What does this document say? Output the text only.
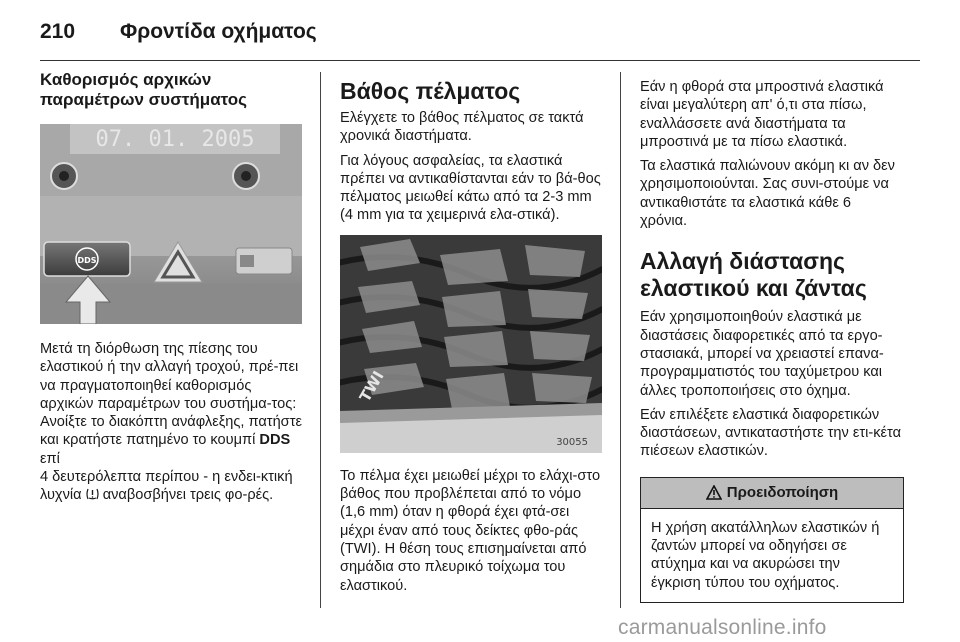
210 Φροντίδα οχήματος
Καθορισμός αρχικών παραμέτρων συστήματος
07. 01. 2005
DDS

Μετά τη διόρθωση της πίεσης του ελαστικού ή την αλλαγή τροχού, πρέ-πει να πραγματοποιηθεί καθορισμός αρχικών παραμέτρων του συστήμα-τος: Ανοίξτε το διακόπτη ανάφλεξης, πατήστε και κρατήστε πατημένο το κουμπί DDS επί
4 δευτερόλεπτα περίπου - η ενδει-κτική λυχνία αναβοσβήνει τρεις φο-ρές.

Βάθος πέλματος

Ελέγχετε το βάθος πέλματος σε τακτά χρονικά διαστήματα.

Για λόγους ασφαλείας, τα ελαστικά πρέπει να αντικαθίστανται εάν το βά-θος πέλματος μειωθεί κάτω από τα 2-3 mm (4 mm για τα χειμερινά ελα-στικά).

TWI
30055

Το πέλμα έχει μειωθεί μέχρι το ελάχι-στο βάθος που προβλέπεται από το νόμο (1,6 mm) όταν η φθορά έχει φτά-σει μέχρι έναν από τους δείκτες φθο-ράς (TWI). Η θέση τους επισημαίνεται από σημάδια στο πλευρικό τοίχωμα του ελαστικού.

Εάν η φθορά στα μπροστινά ελαστικά είναι μεγαλύτερη απ' ό,τι στα πίσω, εναλλάσσετε ανά διαστήματα τα μπροστινά με τα πίσω ελαστικά.

Τα ελαστικά παλιώνουν ακόμη κι αν δεν χρησιμοποιούνται. Σας συνι-στούμε να αντικαθιστάτε τα ελαστικά κάθε 6 χρόνια.

Αλλαγή διάστασης ελαστικού και ζάντας

Εάν χρησιμοποιηθούν ελαστικά με διαστάσεις διαφορετικές από τα εργο-στασιακά, μπορεί να χρειαστεί επανα-προγραμματιστός του ταχύμετρου και άλλες τροποποιήσεις στο όχημα.

Εάν επιλέξετε ελαστικά διαφορετικών διαστάσεων, αντικαταστήστε την ετι-κέτα πιέσεων ελαστικών.

Προειδοποίηση

Η χρήση ακατάλληλων ελαστικών ή ζαντών μπορεί να οδηγήσει σε ατύχημα και να ακυρώσει την έγκριση τύπου του οχήματος.

carmanualsonline.info
